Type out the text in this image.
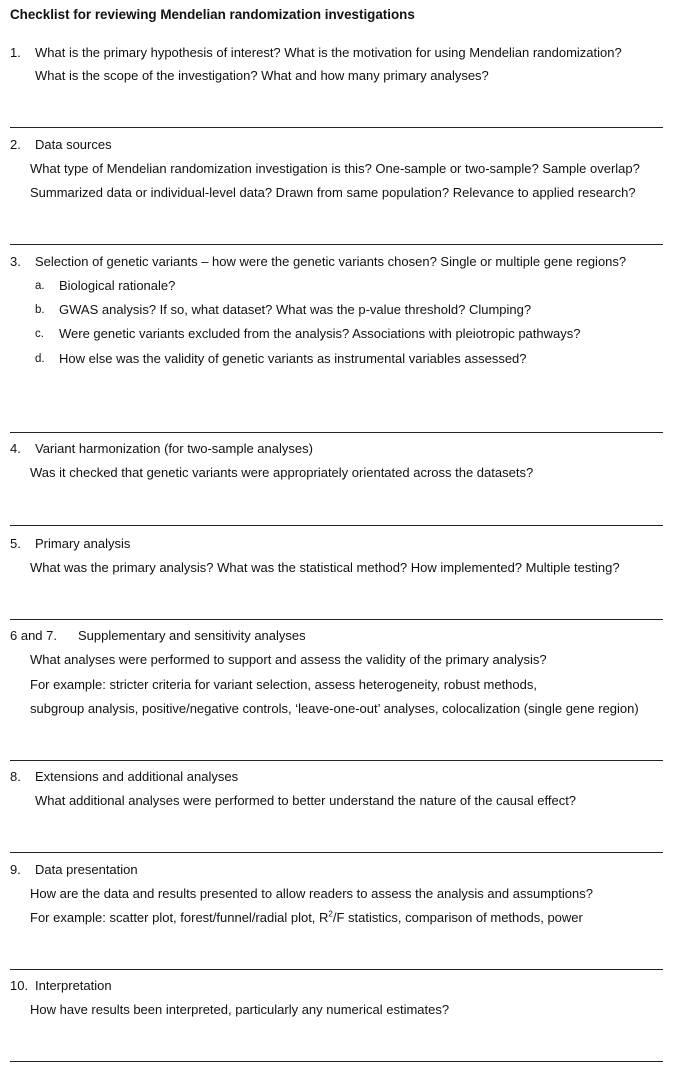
Checklist for reviewing Mendelian randomization investigations
1. What is the primary hypothesis of interest? What is the motivation for using Mendelian randomization?
What is the scope of the investigation? What and how many primary analyses?
2. Data sources
What type of Mendelian randomization investigation is this? One-sample or two-sample? Sample overlap?
Summarized data or individual-level data? Drawn from same population? Relevance to applied research?
3. Selection of genetic variants – how were the genetic variants chosen? Single or multiple gene regions?
a. Biological rationale?
b. GWAS analysis? If so, what dataset? What was the p-value threshold? Clumping?
c. Were genetic variants excluded from the analysis? Associations with pleiotropic pathways?
d. How else was the validity of genetic variants as instrumental variables assessed?
4. Variant harmonization (for two-sample analyses)
Was it checked that genetic variants were appropriately orientated across the datasets?
5. Primary analysis
What was the primary analysis? What was the statistical method? How implemented? Multiple testing?
6 and 7. Supplementary and sensitivity analyses
What analyses were performed to support and assess the validity of the primary analysis?
For example: stricter criteria for variant selection, assess heterogeneity, robust methods,
subgroup analysis, positive/negative controls, ‘leave-one-out’ analyses, colocalization (single gene region)
8. Extensions and additional analyses
What additional analyses were performed to better understand the nature of the causal effect?
9. Data presentation
How are the data and results presented to allow readers to assess the analysis and assumptions?
For example: scatter plot, forest/funnel/radial plot, $R^2/F$ statistics, comparison of methods, power
10. Interpretation
How have results been interpreted, particularly any numerical estimates?
